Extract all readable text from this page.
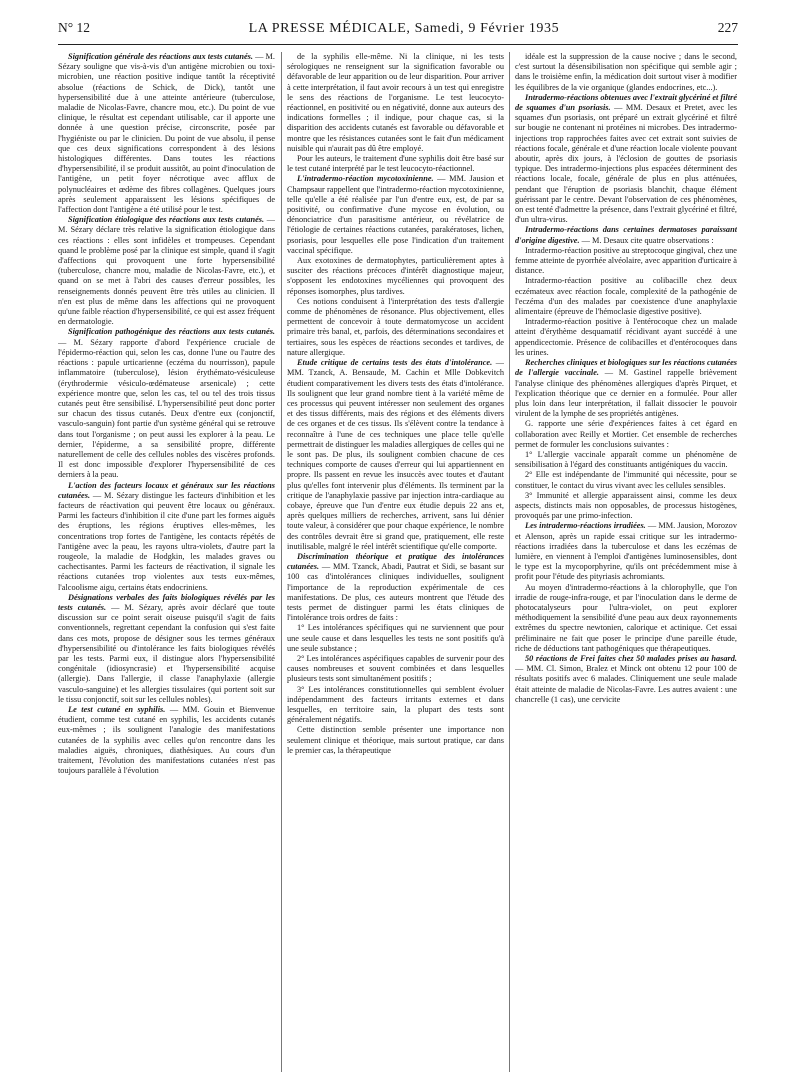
N° 12	LA PRESSE MÉDICALE, Samedi, 9 Février 1935	227

Signification générale des réactions aux tests cutanés. — M. Sézary souligne que vis-à-vis d'un antigène microbien ou toxi-microbien, une réaction positive indique tantôt la réceptivité absolue (réactions de Schick, de Dick), tantôt une hypersensibilité due à une atteinte antérieure (tuberculose, maladie de Nicolas-Favre, chancre mou, etc.). Du point de vue clinique, le résultat est cependant utilisable, car il apporte une donnée à une question précise, circonscrite, posée par l'hygiéniste ou par le clinicien. Du point de vue absolu, il pense que ces deux significations correspondent à des lésions histologiques différentes. Dans toutes les réactions d'hypersensibilité, il se produit aussitôt, au point d'inoculation de l'antigène, un petit foyer nécrotique avec afflux de polynucléaires et œdème des fibres collagènes. Quelques jours après seulement apparaissent les lésions spécifiques de l'affection dont l'antigène a été utilisé pour le test.

Signification étiologique des réactions aux tests cutanés. — M. Sézary déclare très relative la signification étiologique dans ces réactions : elles sont infidèles et trompeuses. Cependant quand le problème posé par la clinique est simple, quand il s'agit d'affections qui provoquent une forte hypersensibilité (tuberculose, chancre mou, maladie de Nicolas-Favre, etc.), et quand on se met à l'abri des causes d'erreur possibles, les renseignements donnés peuvent être très utiles au clinicien. Il n'en est plus de même dans les affections qui ne provoquent qu'une faible réaction d'hypersensibilité, ce qui est assez fréquent en dermatologie.

Signification pathogénique des réactions aux tests cutanés. — M. Sézary rapporte d'abord l'expérience cruciale de l'épidermo-réaction qui, selon les cas, donne l'une ou l'autre des réactions : papule urticarienne (eczéma du nourrisson), papule inflammatoire (tuberculose), lésion érythémato-vésiculeuse (érythrodermie vésiculo-œdémateuse arsenicale) ; cette expérience montre que, selon les cas, tel ou tel des trois tissus cutanés peut être sensibilisé. L'hypersensibilité peut donc porter sur chacun des tissus cutanés. Deux d'entre eux (conjonctif, vasculo-sanguin) font partie d'un système général qui se retrouve dans tout l'organisme ; on peut aussi les explorer à la peau. Le dernier, l'épiderme, a sa sensibilité propre, différente naturellement de celle des cellules nobles des viscères profonds. Il est donc impossible d'explorer l'hypersensibilité de ces derniers à la peau.

L'action des facteurs locaux et généraux sur les réactions cutanées. — M. Sézary distingue les facteurs d'inhibition et les facteurs de réactivation qui peuvent être locaux ou généraux. Parmi les facteurs d'inhibition il cite d'une part les formes aiguës des éruptions, les régions éruptives elles-mêmes, les concentrations trop fortes de l'antigène, les contacts répétés de l'antigène avec la peau, les rayons ultra-violets, d'autre part la rougeole, la maladie de Hodgkin, les malades graves ou cachectisantes. Parmi les facteurs de réactivation, il signale les réactions cutanées trop violentes aux tests eux-mêmes, l'alcoolisme aigu, certains états endocriniens.

Désignations verbales des faits biologiques révélés par les tests cutanés. — M. Sézary, après avoir déclaré que toute discussion sur ce point serait oiseuse puisqu'il s'agit de faits conventionnels, regrettant cependant la confusion qui s'est faite dans ces mots, propose de désigner sous les termes généraux d'hypersensibilité ou d'intolérance les faits biologiques révélés par les tests. Parmi eux, il distingue alors l'hypersensibilité congénitale (idiosyncrasie) et l'hypersensibilité acquise (allergie). Dans l'allergie, il classe l'anaphylaxie (allergie vasculo-sanguine) et les allergies tissulaires (qui portent soit sur le tissu conjonctif, soit sur les cellules nobles).

Le test cutané en syphilis. — MM. Gouin et Bienvenue étudient, comme test cutané en syphilis, les accidents cutanés eux-mêmes ; ils soulignent l'analogie des manifestations cutanées de la syphilis avec celles qu'on rencontre dans les maladies aiguës, chroniques, diathésiques. Au cours d'un traitement, l'évolution des manifestations cutanées n'est pas toujours parallèle à l'évolution

de la syphilis elle-même. Ni la clinique, ni les tests sérologiques ne renseignent sur la signification favorable ou défavorable de leur apparition ou de leur disparition. Pour arriver à cette interprétation, il faut avoir recours à un test qui enregistre le sens des réactions de l'organisme. Le test leucocyto-réactionnel, en positivité ou en négativité, donne aux auteurs des indications formelles ; il indique, pour chaque cas, si la disparition des accidents cutanés est favorable ou défavorable et montre que les résistances cutanées sont le fait d'un médicament nuisible qui n'aurait pas dû être employé.

Pour les auteurs, le traitement d'une syphilis doit être basé sur le test cutané interprété par le test leucocyto-réactionnel.

L'intradermo-réaction mycotoxinienne. — MM. Jausion et Champsaur rappellent que l'intradermo-réaction mycotoxinienne, telle qu'elle a été réalisée par l'un d'entre eux, est, de par sa positivité, ou confirmative d'une mycose en évolution, ou dénonciatrice d'un parasitisme antérieur, ou révélatrice de l'étiologie de certaines réactions cutanées, parakératoses, lichen, psoriasis, pour lesquelles elle pose l'indication d'un traitement vaccinal spécifique.

Aux exotoxines de dermatophytes, particulièrement aptes à susciter des réactions précoces d'intérêt diagnostique majeur, s'opposent les endotoxines mycéliennes qui provoquent des réponses isomorphes, plus tardives.

Ces notions conduisent à l'interprétation des tests d'allergie comme de phénomènes de résonance. Plus objectivement, elles permettent de concevoir à toute dermatomycose un accident primaire très banal, et, parfois, des déterminations secondaires et tertiaires, sous les espèces de réactions secondes et tardives, de nature allergique.

Etude critique de certains tests des états d'intolérance. — MM. Tzanck, A. Bensaude, M. Cachin et Mlle Dobkevitch étudient comparativement les divers tests des états d'intolérance. Ils soulignent que leur grand nombre tient à la variété même de ces processus qui peuvent intéresser non seulement des organes et des tissus différents, mais des régions et des éléments divers de ces organes et de ces tissus. Ils s'élèvent contre la tendance à reconnaître à l'une de ces techniques une place telle qu'elle permettrait de distinguer les maladies allergiques de celles qui ne le sont pas. De plus, ils soulignent combien chacune de ces techniques comporte de causes d'erreur qui lui appartiennent en propre. Ils passent en revue les insuccès avec toutes et d'autant plus qu'elles font intervenir plus d'éléments. Ils terminent par la critique de l'anaphylaxie passive par injection intra-cardiaque au cobaye, épreuve que l'un d'entre eux étudie depuis 22 ans et, après quelques milliers de recherches, arrivent, sans lui dénier toute valeur, à considérer que pour chaque expérience, le nombre des contrôles devrait être si grand que, pratiquement, elle reste inutilisable, malgré le réel intérêt scientifique qu'elle comporte.

Discrimination théorique et pratique des intolérances cutanées. — MM. Tzanck, Abadi, Pautrat et Sidi, se basant sur 100 cas d'intolérances cliniques individuelles, soulignent l'importance de la reproduction expérimentale de ces manifestations. De plus, ces auteurs montrent que l'étude des tests permet de distinguer parmi les états cliniques de l'intolérance trois ordres de faits :

1° Les intolérances spécifiques qui ne surviennent que pour une seule cause et dans lesquelles les tests ne sont positifs qu'à une seule substance ;

2° Les intolérances aspécifiques capables de survenir pour des causes nombreuses et souvent combinées et dans lesquelles plusieurs tests sont simultanément positifs ;

3° Les intolérances constitutionnelles qui semblent évoluer indépendamment des facteurs irritants externes et dans lesquelles, en territoire sain, la plupart des tests sont généralement négatifs.

Cette distinction semble présenter une importance non seulement clinique et théorique, mais surtout pratique, car dans le premier cas, la thérapeutique

idéale est la suppression de la cause nocive ; dans le second, c'est surtout la désensibilisation non spécifique qui semble agir ; dans le troisième enfin, la médication doit surtout viser à modifier les équilibres de la vie organique (glandes endocrines, etc...).

Intradermo-réactions obtenues avec l'extrait glycériné et filtré de squames d'un psoriasis. — MM. Desaux et Pretet, avec les squames d'un psoriasis, ont préparé un extrait glycériné et filtré sur bougie ne contenant ni protéines ni microbes. Des intradermo-injections trop rapprochées faites avec cet extrait sont suivies de réactions focale, générale et d'une réaction locale violente pouvant aboutir, après dix jours, à l'éclosion de gouttes de psoriasis typique. Des intradermo-injections plus espacées déterminent des réactions locale, focale, générale de plus en plus atténuées, pendant que l'éruption de psoriasis blanchit, chaque élément guérissant par le centre. Devant l'observation de ces phénomènes, on est tenté d'admettre la présence, dans l'extrait glycériné et filtré, d'un ultra-virus.

Intradermo-réactions dans certaines dermatoses paraissant d'origine digestive. — M. Desaux cite quatre observations :

Intradermo-réaction positive au streptocoque gingival, chez une femme atteinte de pyorrhée alvéolaire, avec apparition d'urticaire à distance.

Intradermo-réaction positive au colibacille chez deux eczémateux avec réaction focale, complexité de la pathogénie de l'eczéma d'un des malades par coexistence d'une anaphylaxie alimentaire (épreuve de l'hémoclasie digestive positive).

Intradermo-réaction positive à l'entérocoque chez un malade atteint d'érythème desquamatif récidivant ayant succédé à une appendicectomie. Présence de colibacilles et d'entérocoques dans les urines.

Recherches cliniques et biologiques sur les réactions cutanées de l'allergie vaccinale. — M. Gastinel rappelle brièvement l'analyse clinique des phénomènes allergiques d'après Pirquet, et l'explication théorique que ce dernier en a formulée. Pour aller plus loin dans leur interprétation, il fallait dissocier le pouvoir virulent de la lymphe de ses propriétés antigènes.

G. rapporte une série d'expériences faites à cet égard en collaboration avec Reilly et Mortier. Cet ensemble de recherches permet de formuler les conclusions suivantes :

1° L'allergie vaccinale apparaît comme un phénomène de sensibilisation à l'égard des constituants antigéniques du vaccin.

2° Elle est indépendante de l'immunité qui nécessite, pour se constituer, le contact du virus vivant avec les cellules sensibles.

3° Immunité et allergie apparaissent ainsi, comme les deux aspects, distincts mais non opposables, de processus histogènes, provoqués par une primo-infection.

Les intradermo-réactions irradiées. — MM. Jausion, Morozov et Alenson, après un rapide essai critique sur les intradermo-réactions irradiées dans la tuberculose et dans les eczémas de lumière, en viennent à l'emploi d'antigènes luminosensibles, dont le type est la mycoporphyrine, qu'ils ont précédemment mise à profit pour l'étude des pityriasis achromiants.

Au moyen d'intradermo-réactions à la chlorophylle, que l'on irradie de rouge-infra-rouge, et par l'inoculation dans le derme de photocatalyseurs pour l'ultra-violet, on peut explorer méthodiquement la sensibilité d'une peau aux deux rayonnements extrêmes du spectre newtonien, calorique et actinique. Cet essai préliminaire ne fait que poser le principe d'une pareille étude, riche de déductions tant pathogéniques que thérapeutiques.

50 réactions de Frei faites chez 50 malades prises au hasard. — MM. Cl. Simon, Bralez et Minck ont obtenu 12 pour 100 de résultats positifs avec 6 malades. Cliniquement une seule malade était atteinte de maladie de Nicolas-Favre. Les autres avaient : une chancrelle (1 cas), une cervicite
